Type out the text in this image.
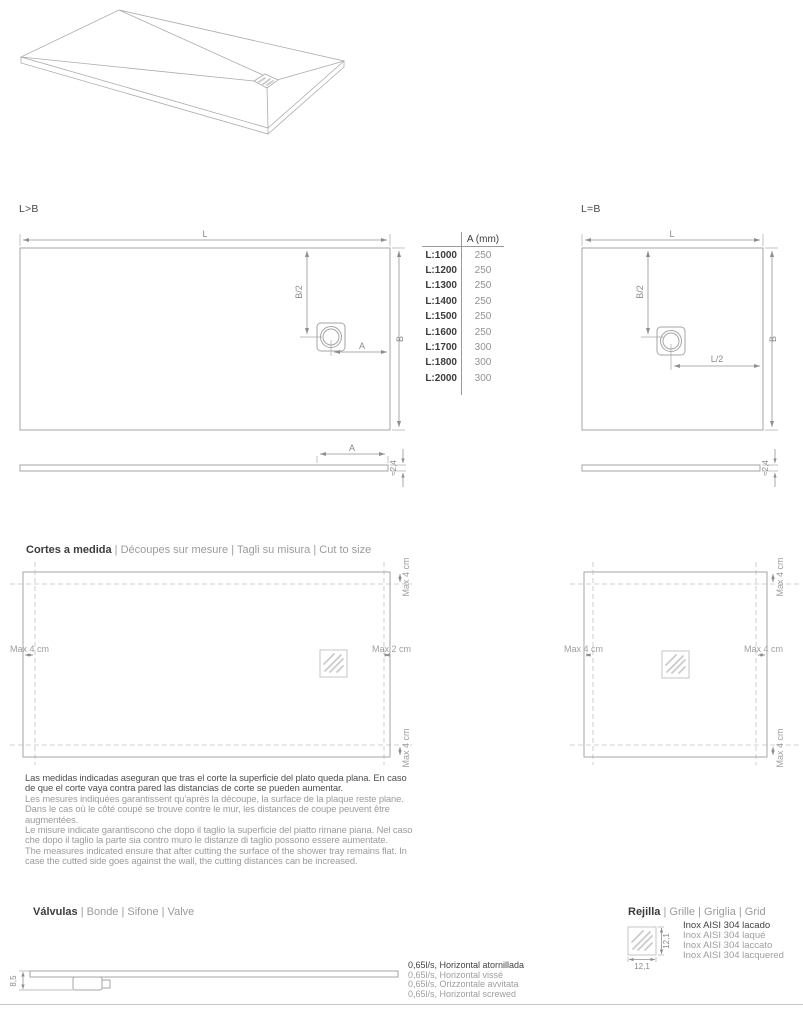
L>B
L
B
B/2
A
A (mm)
L:1000	250
L:1200	250
L:1300	250
L:1400	250
L:1500	250
L:1600	250
L:1700	300
L:1800	300
L:2000	300
L=B
L
B
B/2
L/2
A
≈2,4	≈2,4
Cortes a medida | Découpes sur mesure | Tagli su misura | Cut to size
Max 4 cm	Max 2 cm
Max 4 cm
Max 4 cm
Max 4 cm	Max 4 cm
Max 4 cm
Max 4 cm

Las medidas indicadas aseguran que tras el corte la superficie del plato queda plana. En caso de que el corte vaya contra pared las distancias de corte se pueden aumentar.

Les mesures indiquées garantissent qu'après la découpe, la surface de la plaque reste plane. Dans le cas où le côté coupé se trouve contre le mur, les distances de coupe peuvent être augmentées.

Le misure indicate garantiscono che dopo il taglio la superficie del piatto rimane piana. Nel caso che dopo il taglio la parte sia contro muro le distanze di taglio possono essere aumentate.

The measures indicated ensure that after cutting the surface of the shower tray remains flat. In case the cutted side goes against the wall, the cutting distances can be increased.

Válvulas | Bonde | Sifone | Valve
8,5
0,65l/s, Horizontal atornillada
0,65l/s, Horizontal vissé
0,65l/s, Orizzontale avvitata
0,65l/s, Horizontal screwed
Rejilla | Grille | Griglia | Grid
12,1
12,1
Inox AISI 304 lacado
Inox AISI 304 laqué
Inox AISI 304 laccato
Inox AISI 304 lacquered
